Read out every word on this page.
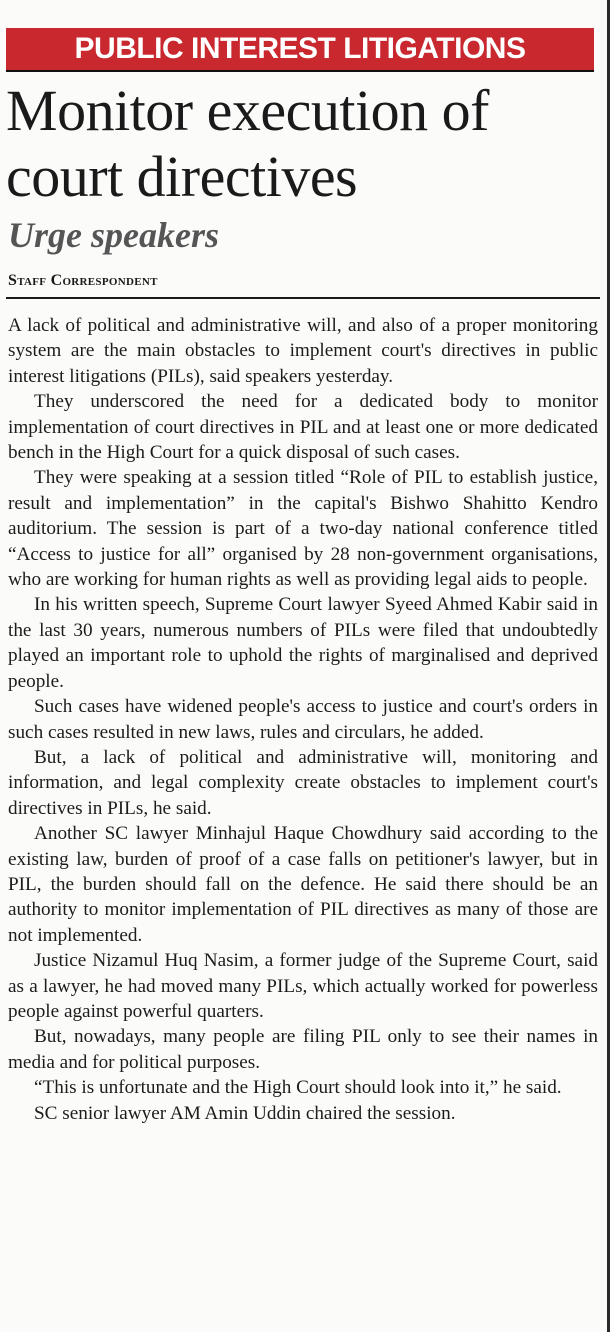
PUBLIC INTEREST LITIGATIONS
Monitor execution of court directives
Urge speakers
Staff Correspondent

A lack of political and administrative will, and also of a proper monitoring system are the main obstacles to implement court's directives in public interest litigations (PILs), said speakers yesterday.

They underscored the need for a dedicated body to monitor implementation of court directives in PIL and at least one or more dedicated bench in the High Court for a quick disposal of such cases.

They were speaking at a session titled “Role of PIL to establish justice, result and implementation” in the capital's Bishwo Shahitto Kendro auditorium. The session is part of a two-day national conference titled “Access to justice for all” organised by 28 non-government organisations, who are working for human rights as well as providing legal aids to people.

In his written speech, Supreme Court lawyer Syeed Ahmed Kabir said in the last 30 years, numerous numbers of PILs were filed that undoubtedly played an important role to uphold the rights of marginalised and deprived people.

Such cases have widened people's access to justice and court's orders in such cases resulted in new laws, rules and circulars, he added.

But, a lack of political and administrative will, monitoring and information, and legal complexity create obstacles to implement court's directives in PILs, he said.

Another SC lawyer Minhajul Haque Chowdhury said according to the existing law, burden of proof of a case falls on petitioner's lawyer, but in PIL, the burden should fall on the defence. He said there should be an authority to monitor implementation of PIL directives as many of those are not implemented.

Justice Nizamul Huq Nasim, a former judge of the Supreme Court, said as a lawyer, he had moved many PILs, which actually worked for powerless people against powerful quarters.

But, nowadays, many people are filing PIL only to see their names in media and for political purposes.

“This is unfortunate and the High Court should look into it,” he said.

SC senior lawyer AM Amin Uddin chaired the session.
